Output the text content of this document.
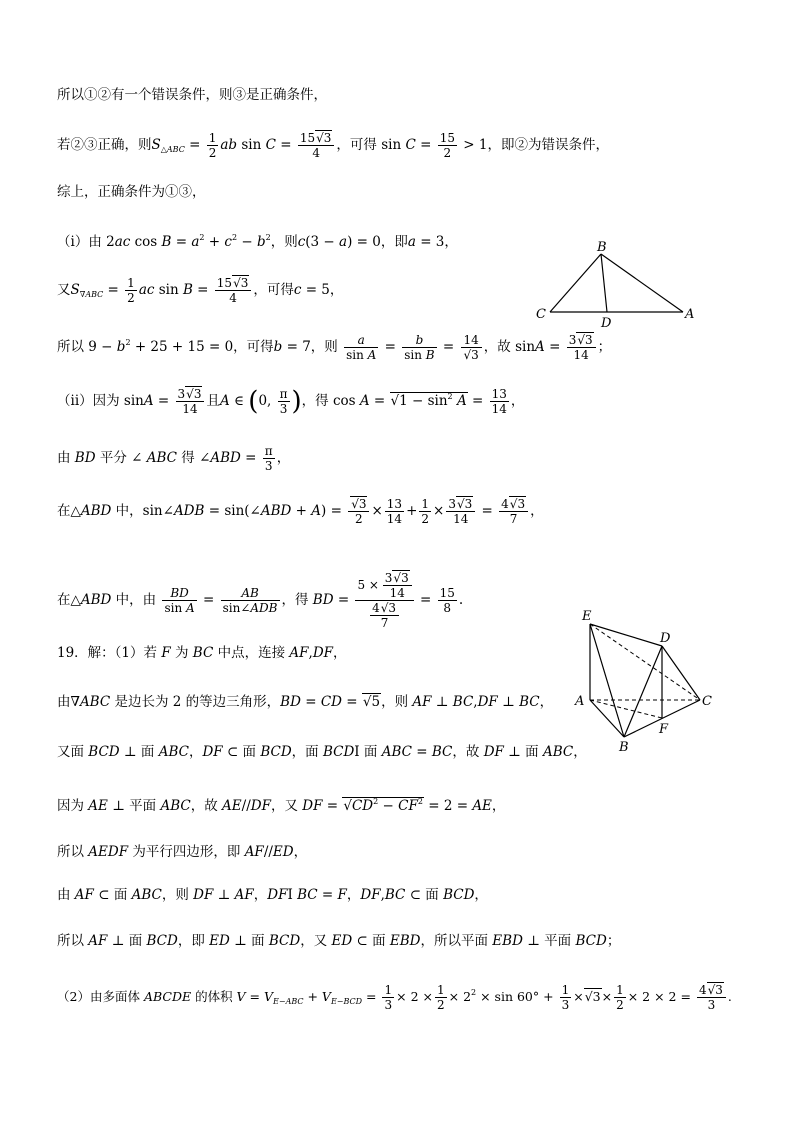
所以①②有一个错误条件，则③是正确条件，
若②③正确，则$S_{\triangle ABC} = \frac{1}{2}$ ab $\sin C = \frac{15√3}{4}$ ，可得 $\sin C = \frac{15}{2} > 1$，即②为错误条件，
综上，正确条件为①③，
（i）由 2ac $\cos B = a^2 + c^2 - b^2$，则c(3 − a) = 0，即a = 3，
又$S_{\nabla ABC} = \frac{1}{2}$ ac $\sin B = \frac{15√3}{4}$ ，可得c = 5，
所以 $9 - b^2 + 25 + 15 = 0$，可得b = 7，则 $\frac{a}{\text{sin A}} = \frac{b}{\text{sin B}} = \frac{14}{√3}$ ，故 $\sin A = \frac{3√3}{14}$ ；
（ii）因为 $\sin A = \frac{3√3}{14}$ 且A ∈ (0, $\frac{\pi}{3}$ )，得 $\cos A = √1 - \sin^2 A = \frac{13}{14}$ ，
由 BD 平分 ∠ ABC 得 ∠ABD = $\frac{\pi}{3}$ ，
在△ABD 中，sin∠ADB = sin(∠ABD + $A) = \frac{√3}{2} \times \frac{13}{14} + \frac{1}{2} \times \frac{3√3}{14} = \frac{4√3}{7}$ ，
在△ABD 中，由 $\frac{BD}{\text{sin A}}$ =	AB
sin∠ADB ，得 BD = $\frac{5 \times \frac{3√3}{14}}{\frac{4√3}{7}} = \frac{15}{8}$ .
19．解：（1）若 F 为 BC 中点，连接 AF,DF，
由∇ABC 是边长为 2 的等边三角形，BD = CD = √5，则 AF ⊥ BC,DF ⊥ BC，
又面 BCD ⊥ 面 ABC，DF ⊂ 面 BCD，面 BCDI 面 ABC = BC，故 DF ⊥ 面 ABC，
因为 AE ⊥ 平面 ABC，故 AE//DF，又 DF = $√CD^2 - CF^2 = 2$ = AE，
所以 AEDF 为平行四边形，即 AF//ED，
由 AF ⊂ 面 ABC，则 DF ⊥ AF，DFI BC = F，DF,BC ⊂ 面 BCD，
所以 AF ⊥ 面 BCD，即 ED ⊥ 面 BCD，又 ED ⊂ 面 EBD，所以平面 EBD ⊥ 平面 BCD；
（2）由多面体 ABCDE 的体积 $V = V_{E-ABC} + V_{E-BCD} = \frac{1}{3} \times 2 \times \frac{1}{2} \times 2^2 \times \sin 60^\circ + \frac{1}{3} \times√3\times \frac{1}{2} \times 2 \times 2 = \frac{4√3}{3}$ .
B
C
D
A
E
D
A	C
F
B
